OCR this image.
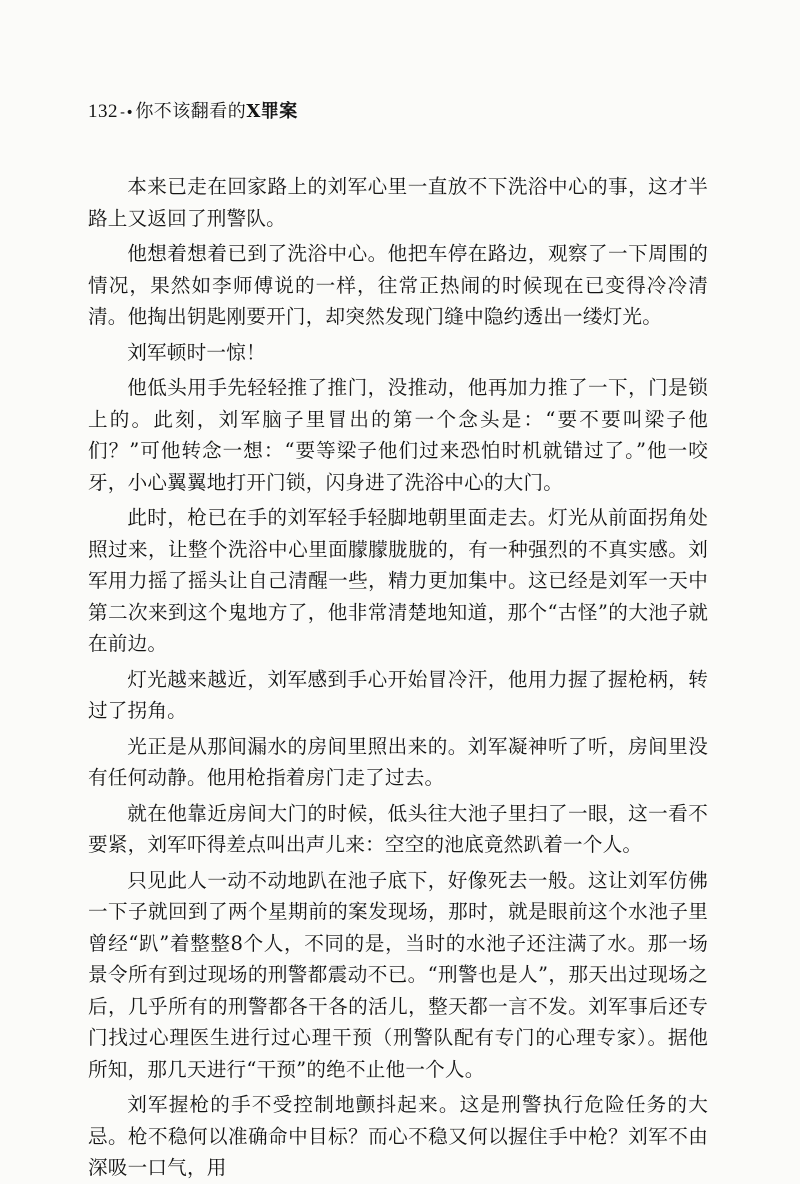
132 -•你不该翻看的X罪案

本来已走在回家路上的刘军心里一直放不下洗浴中心的事，这才半路上又返回了刑警队。

他想着想着已到了洗浴中心。他把车停在路边，观察了一下周围的情况，果然如李师傅说的一样，往常正热闹的时候现在已变得冷冷清清。他掏出钥匙刚要开门，却突然发现门缝中隐约透出一缕灯光。

刘军顿时一惊！

他低头用手先轻轻推了推门，没推动，他再加力推了一下，门是锁上的。此刻，刘军脑子里冒出的第一个念头是：“要不要叫梁子他们？”可他转念一想：“要等梁子他们过来恐怕时机就错过了。”他一咬牙，小心翼翼地打开门锁，闪身进了洗浴中心的大门。

此时，枪已在手的刘军轻手轻脚地朝里面走去。灯光从前面拐角处照过来，让整个洗浴中心里面朦朦胧胧的，有一种强烈的不真实感。刘军用力摇了摇头让自己清醒一些，精力更加集中。这已经是刘军一天中第二次来到这个鬼地方了，他非常清楚地知道，那个“古怪”的大池子就在前边。

灯光越来越近，刘军感到手心开始冒冷汗，他用力握了握枪柄，转过了拐角。

光正是从那间漏水的房间里照出来的。刘军凝神听了听，房间里没有任何动静。他用枪指着房门走了过去。

就在他靠近房间大门的时候，低头往大池子里扫了一眼，这一看不要紧，刘军吓得差点叫出声儿来：空空的池底竟然趴着一个人。

只见此人一动不动地趴在池子底下，好像死去一般。这让刘军仿佛一下子就回到了两个星期前的案发现场，那时，就是眼前这个水池子里曾经“趴”着整整8个人，不同的是，当时的水池子还注满了水。那一场景令所有到过现场的刑警都震动不已。“刑警也是人”，那天出过现场之后，几乎所有的刑警都各干各的活儿，整天都一言不发。刘军事后还专门找过心理医生进行过心理干预（刑警队配有专门的心理专家）。据他所知，那几天进行“干预”的绝不止他一个人。

刘军握枪的手不受控制地颤抖起来。这是刑警执行危险任务的大忌。枪不稳何以准确命中目标？而心不稳又何以握住手中枪？刘军不由深吸一口气，用
